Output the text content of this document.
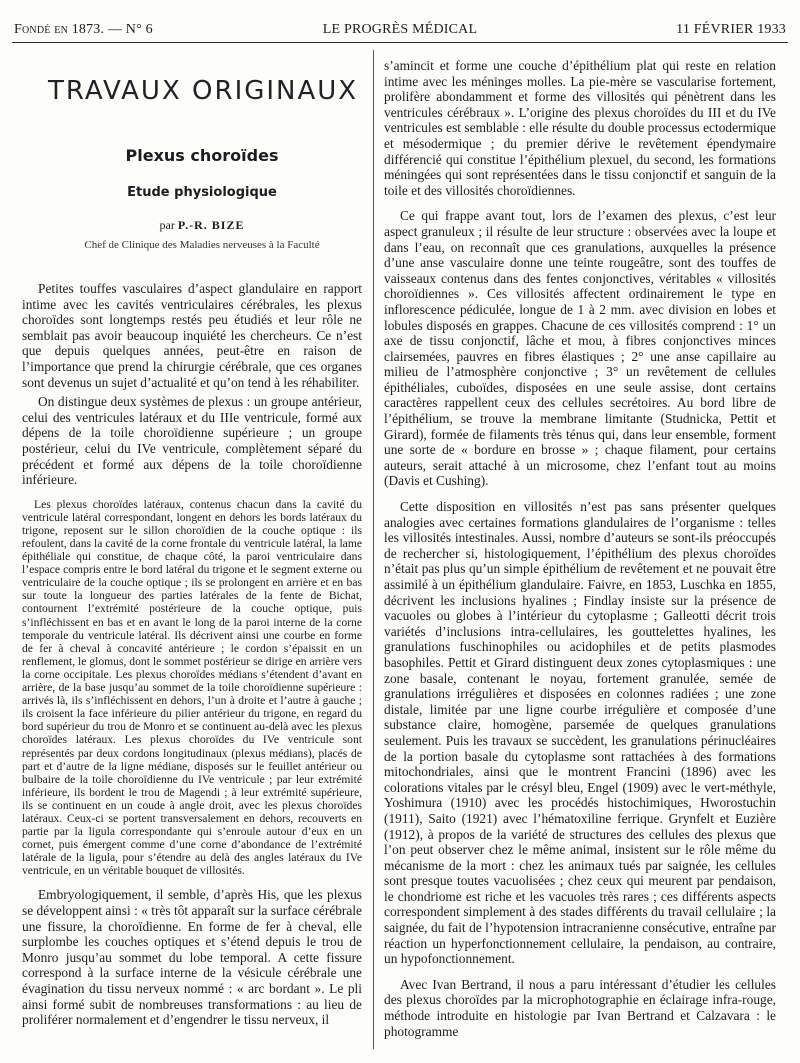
Fondé en 1873. — N° 6	LE PROGRÈS MÉDICAL	11 FÉVRIER 1933
TRAVAUX ORIGINAUX
Plexus choroïdes
Etude physiologique
par P.-R. BIZE
Chef de Clinique des Maladies nerveuses à la Faculté

Petites touffes vasculaires d’aspect glandulaire en rapport intime avec les cavités ventriculaires cérébrales, les plexus choroïdes sont longtemps restés peu étudiés et leur rôle ne semblait pas avoir beaucoup inquiété les chercheurs. Ce n’est que depuis quelques années, peut-être en raison de l’importance que prend la chirurgie cérébrale, que ces organes sont devenus un sujet d’actualité et qu’on tend à les réhabiliter.

On distingue deux systèmes de plexus : un groupe antérieur, celui des ventricules latéraux et du IIIe ventricule, formé aux dépens de la toile choroïdienne supérieure ; un groupe postérieur, celui du IVe ventricule, complètement séparé du précédent et formé aux dépens de la toile choroïdienne inférieure.

Les plexus choroïdes latéraux, contenus chacun dans la cavité du ventricule latéral correspondant, longent en dehors les bords latéraux du trigone, reposent sur le sillon choroïdien de la couche optique : ils refoulent, dans la cavité de la corne frontale du ventricule latéral, la lame épithéliale qui constitue, de chaque côté, la paroi ventriculaire dans l’espace compris entre le bord latéral du trigone et le segment externe ou ventriculaire de la couche optique ; ils se prolongent en arrière et en bas sur toute la longueur des parties latérales de la fente de Bichat, contournent l’extrémité postérieure de la couche optique, puis s’infléchissent en bas et en avant le long de la paroi interne de la corne temporale du ventricule latéral. Ils décrivent ainsi une courbe en forme de fer à cheval à concavité antérieure ; le cordon s’épaissit en un renflement, le glomus, dont le sommet postérieur se dirige en arrière vers la corne occipitale. Les plexus choroïdes médians s’étendent d’avant en arrière, de la base jusqu’au sommet de la toile choroïdienne supérieure : arrivés là, ils s’infléchissent en dehors, l’un à droite et l’autre à gauche ; ils croisent la face inférieure du pilier antérieur du trigone, en regard du bord supérieur du trou de Monro et se continuent au-delà avec les plexus choroïdes latéraux. Les plexus choroïdes du IVe ventricule sont représentés par deux cordons longitudinaux (plexus médians), placés de part et d’autre de la ligne médiane, disposés sur le feuillet antérieur ou bulbaire de la toile choroïdienne du IVe ventricule ; par leur extrémité inférieure, ils bordent le trou de Magendi ; à leur extrémité supérieure, ils se continuent en un coude à angle droit, avec les plexus choroïdes latéraux. Ceux-ci se portent transversalement en dehors, recouverts en partie par la ligula correspondante qui s’enroule autour d’eux en un cornet, puis émergent comme d’une corne d’abondance de l’extrémité latérale de la ligula, pour s’étendre au delà des angles latéraux du IVe ventricule, en un véritable bouquet de villosités.

Embryologiquement, il semble, d’après His, que les plexus se développent ainsi : « très tôt apparaît sur la surface cérébrale une fissure, la choroïdienne. En forme de fer à cheval, elle surplombe les couches optiques et s’étend depuis le trou de Monro jusqu’au sommet du lobe temporal. A cette fissure correspond à la surface interne de la vésicule cérébrale une évagination du tissu nerveux nommé : « arc bordant ». Le pli ainsi formé subit de nombreuses transformations : au lieu de proliférer normalement et d’engendrer le tissu nerveux, il

s’amincit et forme une couche d’épithélium plat qui reste en relation intime avec les méninges molles. La pie-mère se vascularise fortement, prolifère abondamment et forme des villosités qui pénètrent dans les ventricules cérébraux ». L’origine des plexus choroïdes du III et du IVe ventricules est semblable : elle résulte du double processus ectodermique et mésodermique ; du premier dérive le revêtement épendymaire différencié qui constitue l’épithélium plexuel, du second, les formations méningées qui sont représentées dans le tissu conjonctif et sanguin de la toile et des villosités choroïdiennes.

Ce qui frappe avant tout, lors de l’examen des plexus, c’est leur aspect granuleux ; il résulte de leur structure : observées avec la loupe et dans l’eau, on reconnaît que ces granulations, auxquelles la présence d’une anse vasculaire donne une teinte rougeâtre, sont des touffes de vaisseaux contenus dans des fentes conjonctives, véritables « villosités choroïdiennes ». Ces villosités affectent ordinairement le type en inflorescence pédiculée, longue de 1 à 2 mm. avec division en lobes et lobules disposés en grappes. Chacune de ces villosités comprend : 1° un axe de tissu conjonctif, lâche et mou, à fibres conjonctives minces clairsemées, pauvres en fibres élastiques ; 2° une anse capillaire au milieu de l’atmosphère conjonctive ; 3° un revêtement de cellules épithéliales, cuboïdes, disposées en une seule assise, dont certains caractères rappellent ceux des cellules secrétoires. Au bord libre de l’épithélium, se trouve la membrane limitante (Studnicka, Pettit et Girard), formée de filaments très ténus qui, dans leur ensemble, forment une sorte de « bordure en brosse » ; chaque filament, pour certains auteurs, serait attaché à un microsome, chez l’enfant tout au moins (Davis et Cushing).

Cette disposition en villosités n’est pas sans présenter quelques analogies avec certaines formations glandulaires de l’organisme : telles les villosités intestinales. Aussi, nombre d’auteurs se sont-ils préoccupés de rechercher si, histologiquement, l’épithélium des plexus choroïdes n’était pas plus qu’un simple épithélium de revêtement et ne pouvait être assimilé à un épithélium glandulaire. Faivre, en 1853, Luschka en 1855, décrivent les inclusions hyalines ; Findlay insiste sur la présence de vacuoles ou globes à l’intérieur du cytoplasme ; Galleotti décrit trois variétés d’inclusions intra-cellulaires, les gouttelettes hyalines, les granulations fuschinophiles ou acidophiles et de petits plasmodes basophiles. Pettit et Girard distinguent deux zones cytoplasmiques : une zone basale, contenant le noyau, fortement granulée, semée de granulations irrégulières et disposées en colonnes radiées ; une zone distale, limitée par une ligne courbe irrégulière et composée d’une substance claire, homogène, parsemée de quelques granulations seulement. Puis les travaux se succèdent, les granulations périnucléaires de la portion basale du cytoplasme sont rattachées à des formations mitochondriales, ainsi que le montrent Francini (1896) avec les colorations vitales par le crésyl bleu, Engel (1909) avec le vert-méthyle, Yoshimura (1910) avec les procédés histochimiques, Hworostuchin (1911), Saito (1921) avec l’hématoxiline ferrique. Grynfelt et Euzière (1912), à propos de la variété de structures des cellules des plexus que l’on peut observer chez le même animal, insistent sur le rôle même du mécanisme de la mort : chez les animaux tués par saignée, les cellules sont presque toutes vacuolisées ; chez ceux qui meurent par pendaison, le chondriome est riche et les vacuoles très rares ; ces différents aspects correspondent simplement à des stades différents du travail cellulaire ; la saignée, du fait de l’hypotension intracranienne consécutive, entraîne par réaction un hyperfonctionnement cellulaire, la pendaison, au contraire, un hypofonctionnement.

Avec Ivan Bertrand, il nous a paru intéressant d’étudier les cellules des plexus choroïdes par la microphotographie en éclairage infra-rouge, méthode introduite en histologie par Ivan Bertrand et Calzavara : le photogramme
